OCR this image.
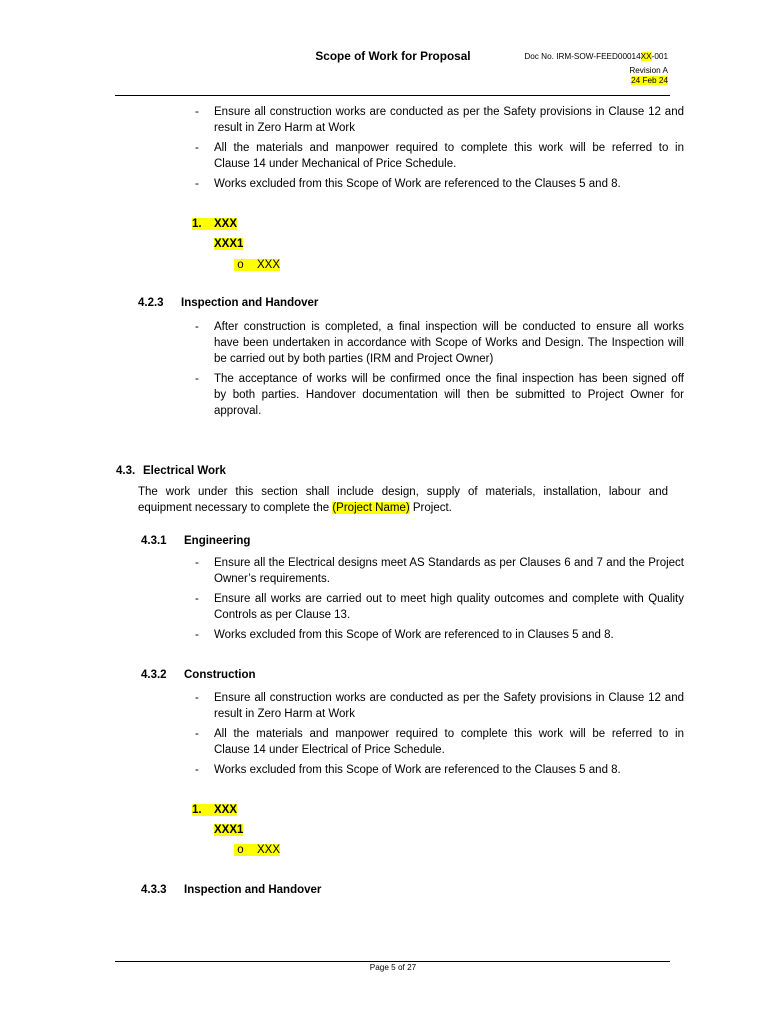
Scope of Work for Proposal	Doc No. IRM-SOW-FEED00014XX-001
Revision A
24 Feb 24
-	Ensure all construction works are conducted as per the Safety provisions in Clause 12 and
result in Zero Harm at Work
-	All the materials and manpower required to complete this work will be referred to in
Clause 14 under Mechanical of Price Schedule.
-	Works excluded from this Scope of Work are referenced to the Clauses 5 and 8.
1. XXX
XXX1
o XXX
4.2.3 Inspection and Handover
-	After construction is completed, a final inspection will be conducted to ensure all works
have been undertaken in accordance with Scope of Works and Design. The Inspection will
be carried out by both parties (IRM and Project Owner)
-	The acceptance of works will be confirmed once the final inspection has been signed off
by both parties. Handover documentation will then be submitted to Project Owner for
approval.
4.3. Electrical Work
The work under this section shall include design, supply of materials, installation, labour and
equipment necessary to complete the (Project Name) Project.
4.3.1 Engineering
-	Ensure all the Electrical designs meet AS Standards as per Clauses 6 and 7 and the Project
Owner’s requirements.
-	Ensure all works are carried out to meet high quality outcomes and complete with Quality
Controls as per Clause 13.
-	Works excluded from this Scope of Work are referenced to in Clauses 5 and 8.
4.3.2 Construction
-	Ensure all construction works are conducted as per the Safety provisions in Clause 12 and
result in Zero Harm at Work
-	All the materials and manpower required to complete this work will be referred to in
Clause 14 under Electrical of Price Schedule.
-	Works excluded from this Scope of Work are referenced to the Clauses 5 and 8.
1. XXX
XXX1
o XXX
4.3.3 Inspection and Handover
Page 5 of 27
